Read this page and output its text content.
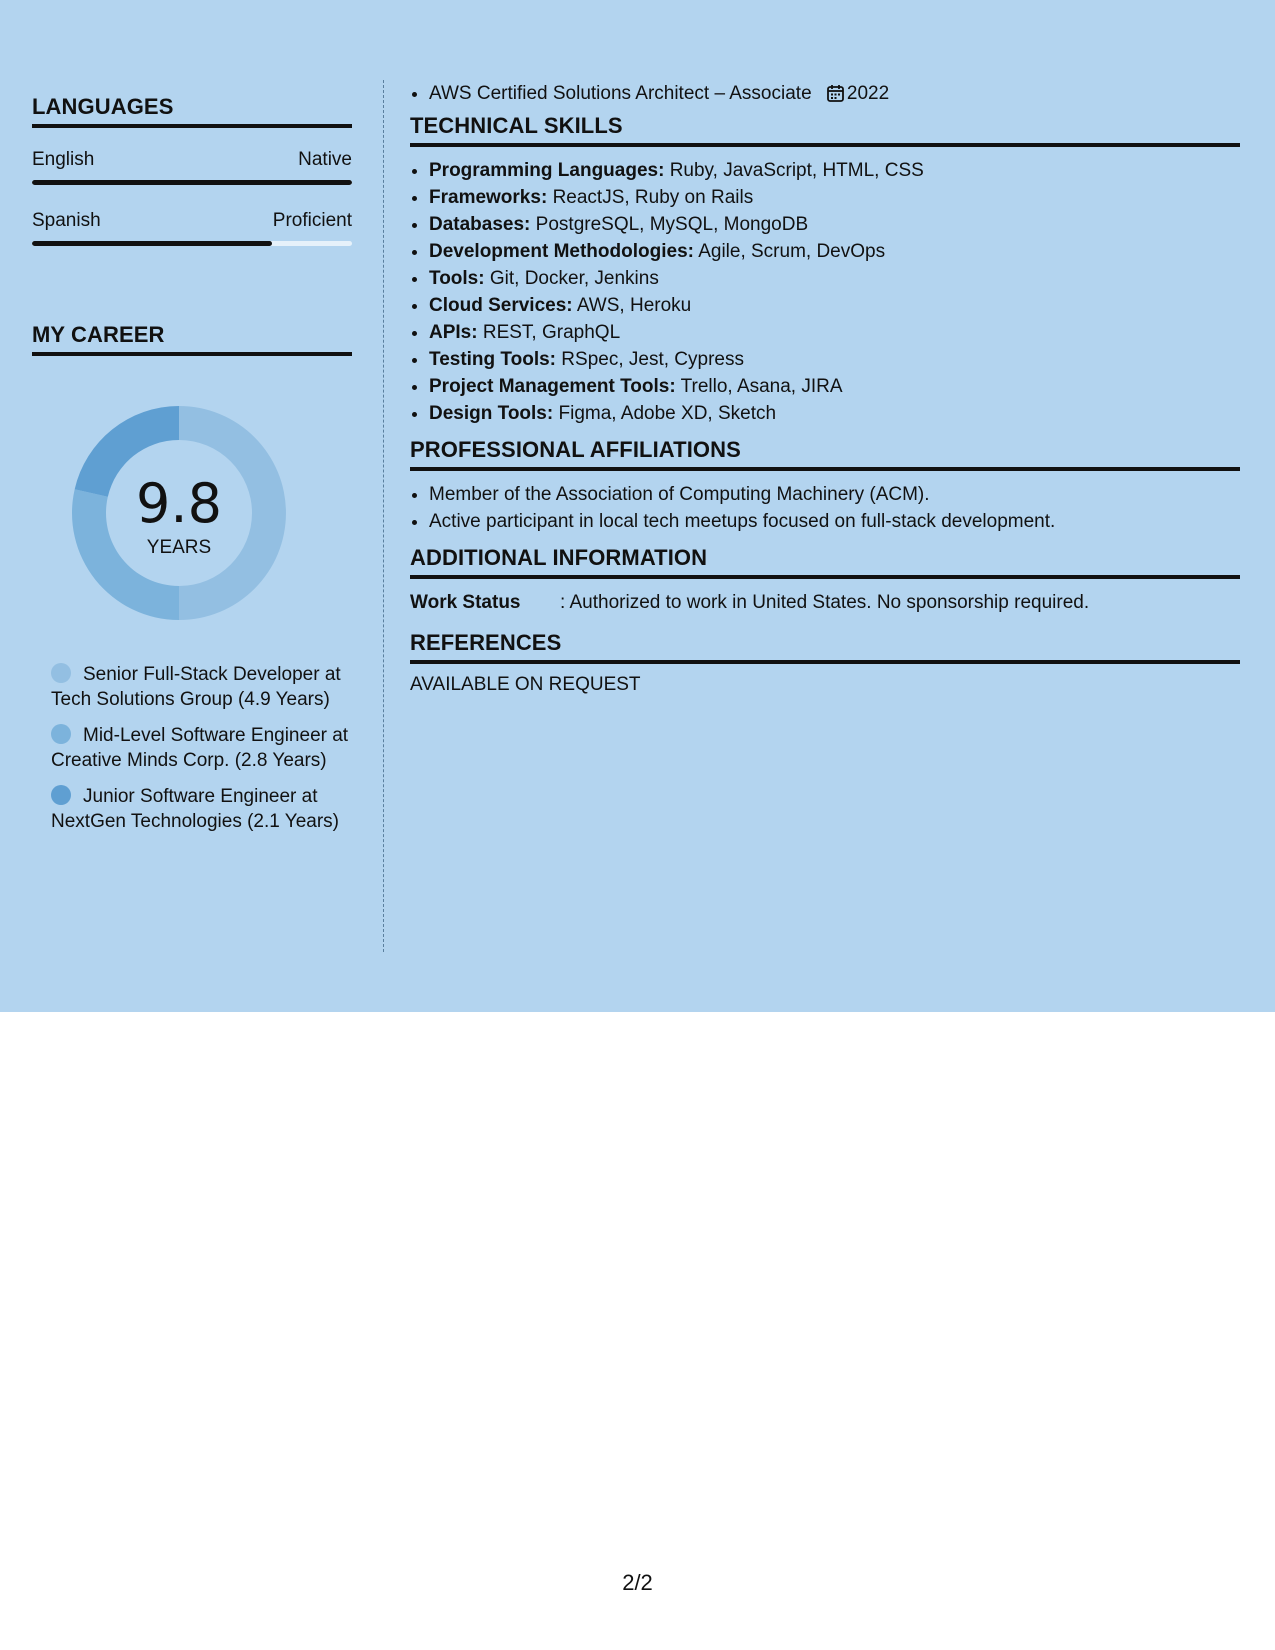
LANGUAGES
English	Native
Spanish	Proficient
MY CAREER
9.8
YEARS
Senior Full-Stack Developer at Tech Solutions Group (4.9 Years)
Mid-Level Software Engineer at Creative Minds Corp. (2.8 Years)
Junior Software Engineer at NextGen Technologies (2.1 Years)
• AWS Certified Solutions Architect – Associate 2022
TECHNICAL SKILLS
• Programming Languages: Ruby, JavaScript, HTML, CSS
• Frameworks: ReactJS, Ruby on Rails
• Databases: PostgreSQL, MySQL, MongoDB
• Development Methodologies: Agile, Scrum, DevOps
• Tools: Git, Docker, Jenkins
• Cloud Services: AWS, Heroku
• APIs: REST, GraphQL
• Testing Tools: RSpec, Jest, Cypress
• Project Management Tools: Trello, Asana, JIRA
• Design Tools: Figma, Adobe XD, Sketch
PROFESSIONAL AFFILIATIONS
• Member of the Association of Computing Machinery (ACM).
• Active participant in local tech meetups focused on full-stack development.
ADDITIONAL INFORMATION
Work Status	: Authorized to work in United States. No sponsorship required.
REFERENCES
AVAILABLE ON REQUEST
2/2
